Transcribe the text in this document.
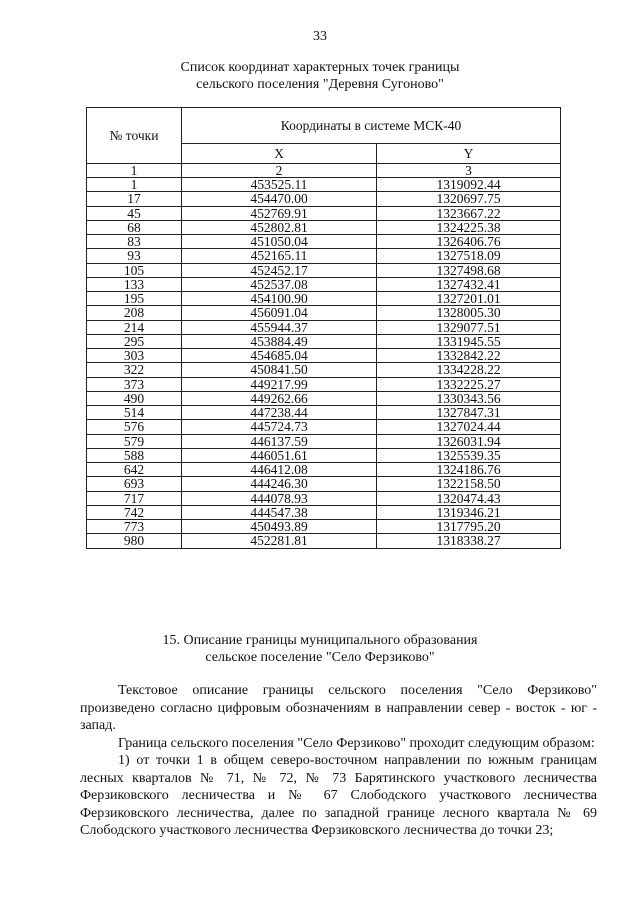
33
Список координат характерных точек границы
сельского поселения "Деревня Сугоново"
№ точки	Координаты в системе МСК-40	
	X	Y
1	2	3
1	453525.11	1319092.44
17	454470.00	1320697.75
45	452769.91	1323667.22
68	452802.81	1324225.38
83	451050.04	1326406.76
93	452165.11	1327518.09
105	452452.17	1327498.68
133	452537.08	1327432.41
195	454100.90	1327201.01
208	456091.04	1328005.30
214	455944.37	1329077.51
295	453884.49	1331945.55
303	454685.04	1332842.22
322	450841.50	1334228.22
373	449217.99	1332225.27
490	449262.66	1330343.56
514	447238.44	1327847.31
576	445724.73	1327024.44
579	446137.59	1326031.94
588	446051.61	1325539.35
642	446412.08	1324186.76
693	444246.30	1322158.50
717	444078.93	1320474.43
742	444547.38	1319346.21
773	450493.89	1317795.20
980	452281.81	1318338.27
15. Описание границы муниципального образования
сельское поселение "Село Ферзиково"

Текстовое описание границы сельского поселения "Село Ферзиково" произведено согласно цифровым обозначениям в направлении север - восток - юг - запад.

Граница сельского поселения "Село Ферзиково" проходит следующим образом:

1) от точки 1 в общем северо-восточном направлении по южным границам лесных кварталов № 71, № 72, № 73 Барятинского участкового лесничества Ферзиковского лесничества и № 67 Слободского участкового лесничества Ферзиковского лесничества, далее по западной границе лесного квартала № 69 Слободского участкового лесничества Ферзиковского лесничества до точки 23;
